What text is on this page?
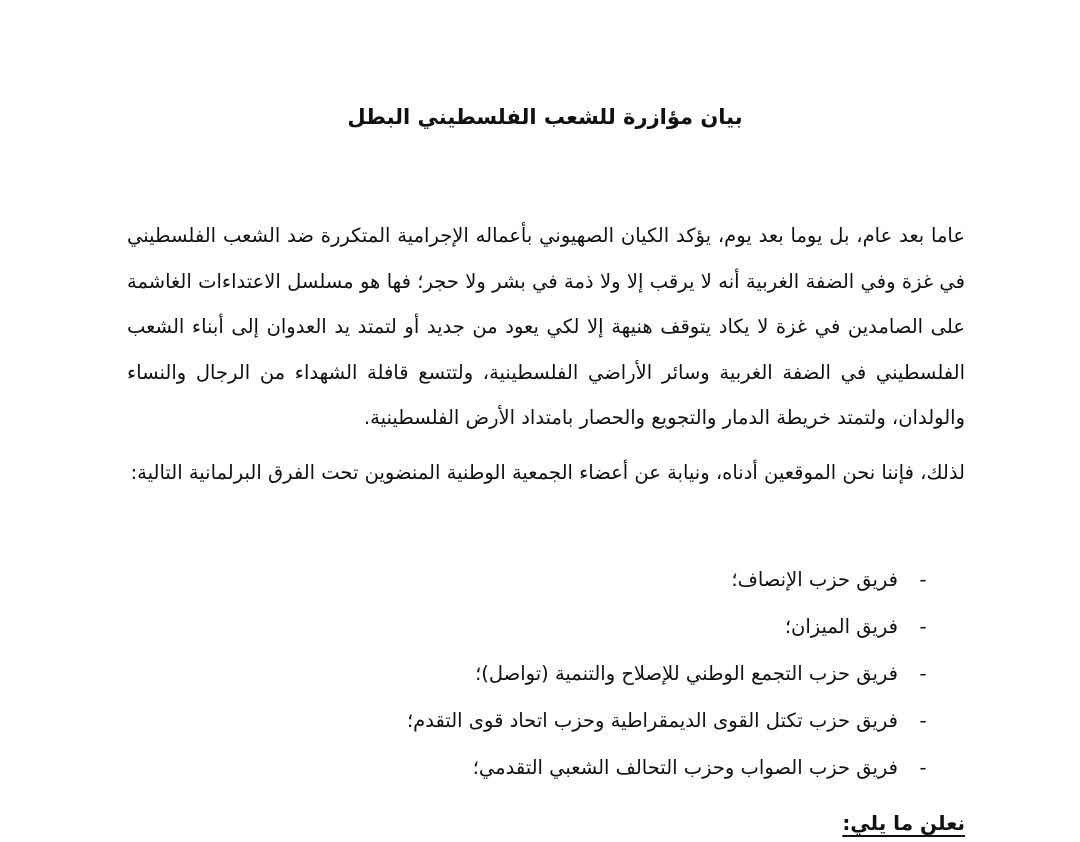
بيان مؤازرة للشعب الفلسطيني البطل

عاما بعد عام، بل يوما بعد يوم، يؤكد الكيان الصهيوني بأعماله الإجرامية المتكررة ضد الشعب الفلسطيني في غزة وفي الضفة الغربية أنه لا يرقب إلا ولا ذمة في بشر ولا حجر؛ فها هو مسلسل الاعتداءات الغاشمة على الصامدين في غزة لا يكاد يتوقف هنيهة إلا لكي يعود من جديد أو لتمتد يد العدوان إلى أبناء الشعب الفلسطيني في الضفة الغربية وسائر الأراضي الفلسطينية، ولتتسع قافلة الشهداء من الرجال والنساء والولدان، ولتمتد خريطة الدمار والتجويع والحصار بامتداد الأرض الفلسطينية.

لذلك، فإننا نحن الموقعين أدناه، ونيابة عن أعضاء الجمعية الوطنية المنضوين تحت الفرق البرلمانية التالية:

-
فريق حزب الإنصاف؛
-
فريق الميزان؛
-
فريق حزب التجمع الوطني للإصلاح والتنمية (تواصل)؛
-
فريق حزب تكتل القوى الديمقراطية وحزب اتحاد قوى التقدم؛
-
فريق حزب الصواب وحزب التحالف الشعبي التقدمي؛

نعلن ما يلي:
